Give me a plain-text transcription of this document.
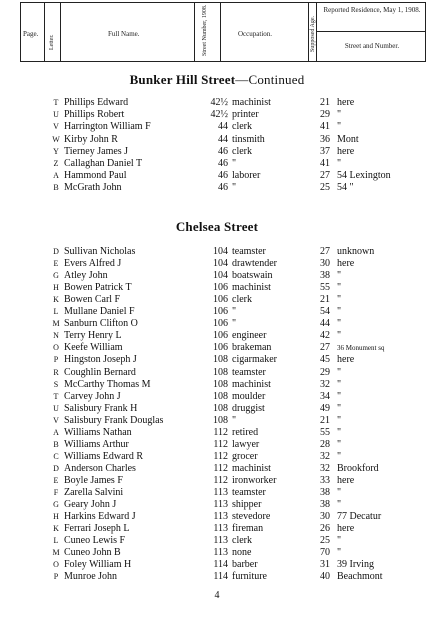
Page.
Letter.
Full Name.	Street Number, 1908.	Occupation.	Supposed Age.
Reported Residence, May 1, 1908.
Street and Number.
Bunker Hill Street—Continued
T Phillips Edward	42½ machinist	21 here
U Phillips Robert	42½ printer	29 "
V Harrington William F	44 clerk	41 "
W Kirby John R	44 tinsmith	36 Mont
Y Tierney James J	46 clerk	37 here
Z Callaghan Daniel T	46 "	41 "
A Hammond Paul	46 laborer	27 54 Lexington
B McGrath John	46 "	25 54 "
Chelsea Street
D Sullivan Nicholas	104 teamster	27 unknown
E Evers Alfred J	104 drawtender	30 here
G Atley John	104 boatswain	38 "
H Bowen Patrick T	106 machinist	55 "
K Bowen Carl F	106 clerk	21 "
L Mullane Daniel F	106 "	54 "
M Sanburn Clifton O	106 "	44 "
N Terry Henry L	106 engineer	42 "
O Keefe William	106 brakeman	27 36 Monument sq
P Hingston Joseph J	108 cigarmaker	45 here
R Coughlin Bernard	108 teamster	29 "
S McCarthy Thomas M	108 machinist	32 "
T Carvey John J	108 moulder	34 "
U Salisbury Frank H	108 druggist	49 "
V Salisbury Frank Douglas	108 "	21 "
A Williams Nathan	112 retired	55 "
B Williams Arthur	112 lawyer	28 "
C Williams Edward R	112 grocer	32 "
D Anderson Charles	112 machinist	32 Brookford
E Boyle James F	112 ironworker	33 here
F Zarella Salvini	113 teamster	38 "
G Geary John J	113 shipper	38 "
H Harkins Edward J	113 stevedore	30 77 Decatur
K Ferrari Joseph L	113 fireman	26 here
L Cuneo Lewis F	113 clerk	25 "
M Cuneo John B	113 none	70 "
O Foley William H	114 barber	31 39 Irving
P Munroe John	114 furniture	40 Beachmont
4
